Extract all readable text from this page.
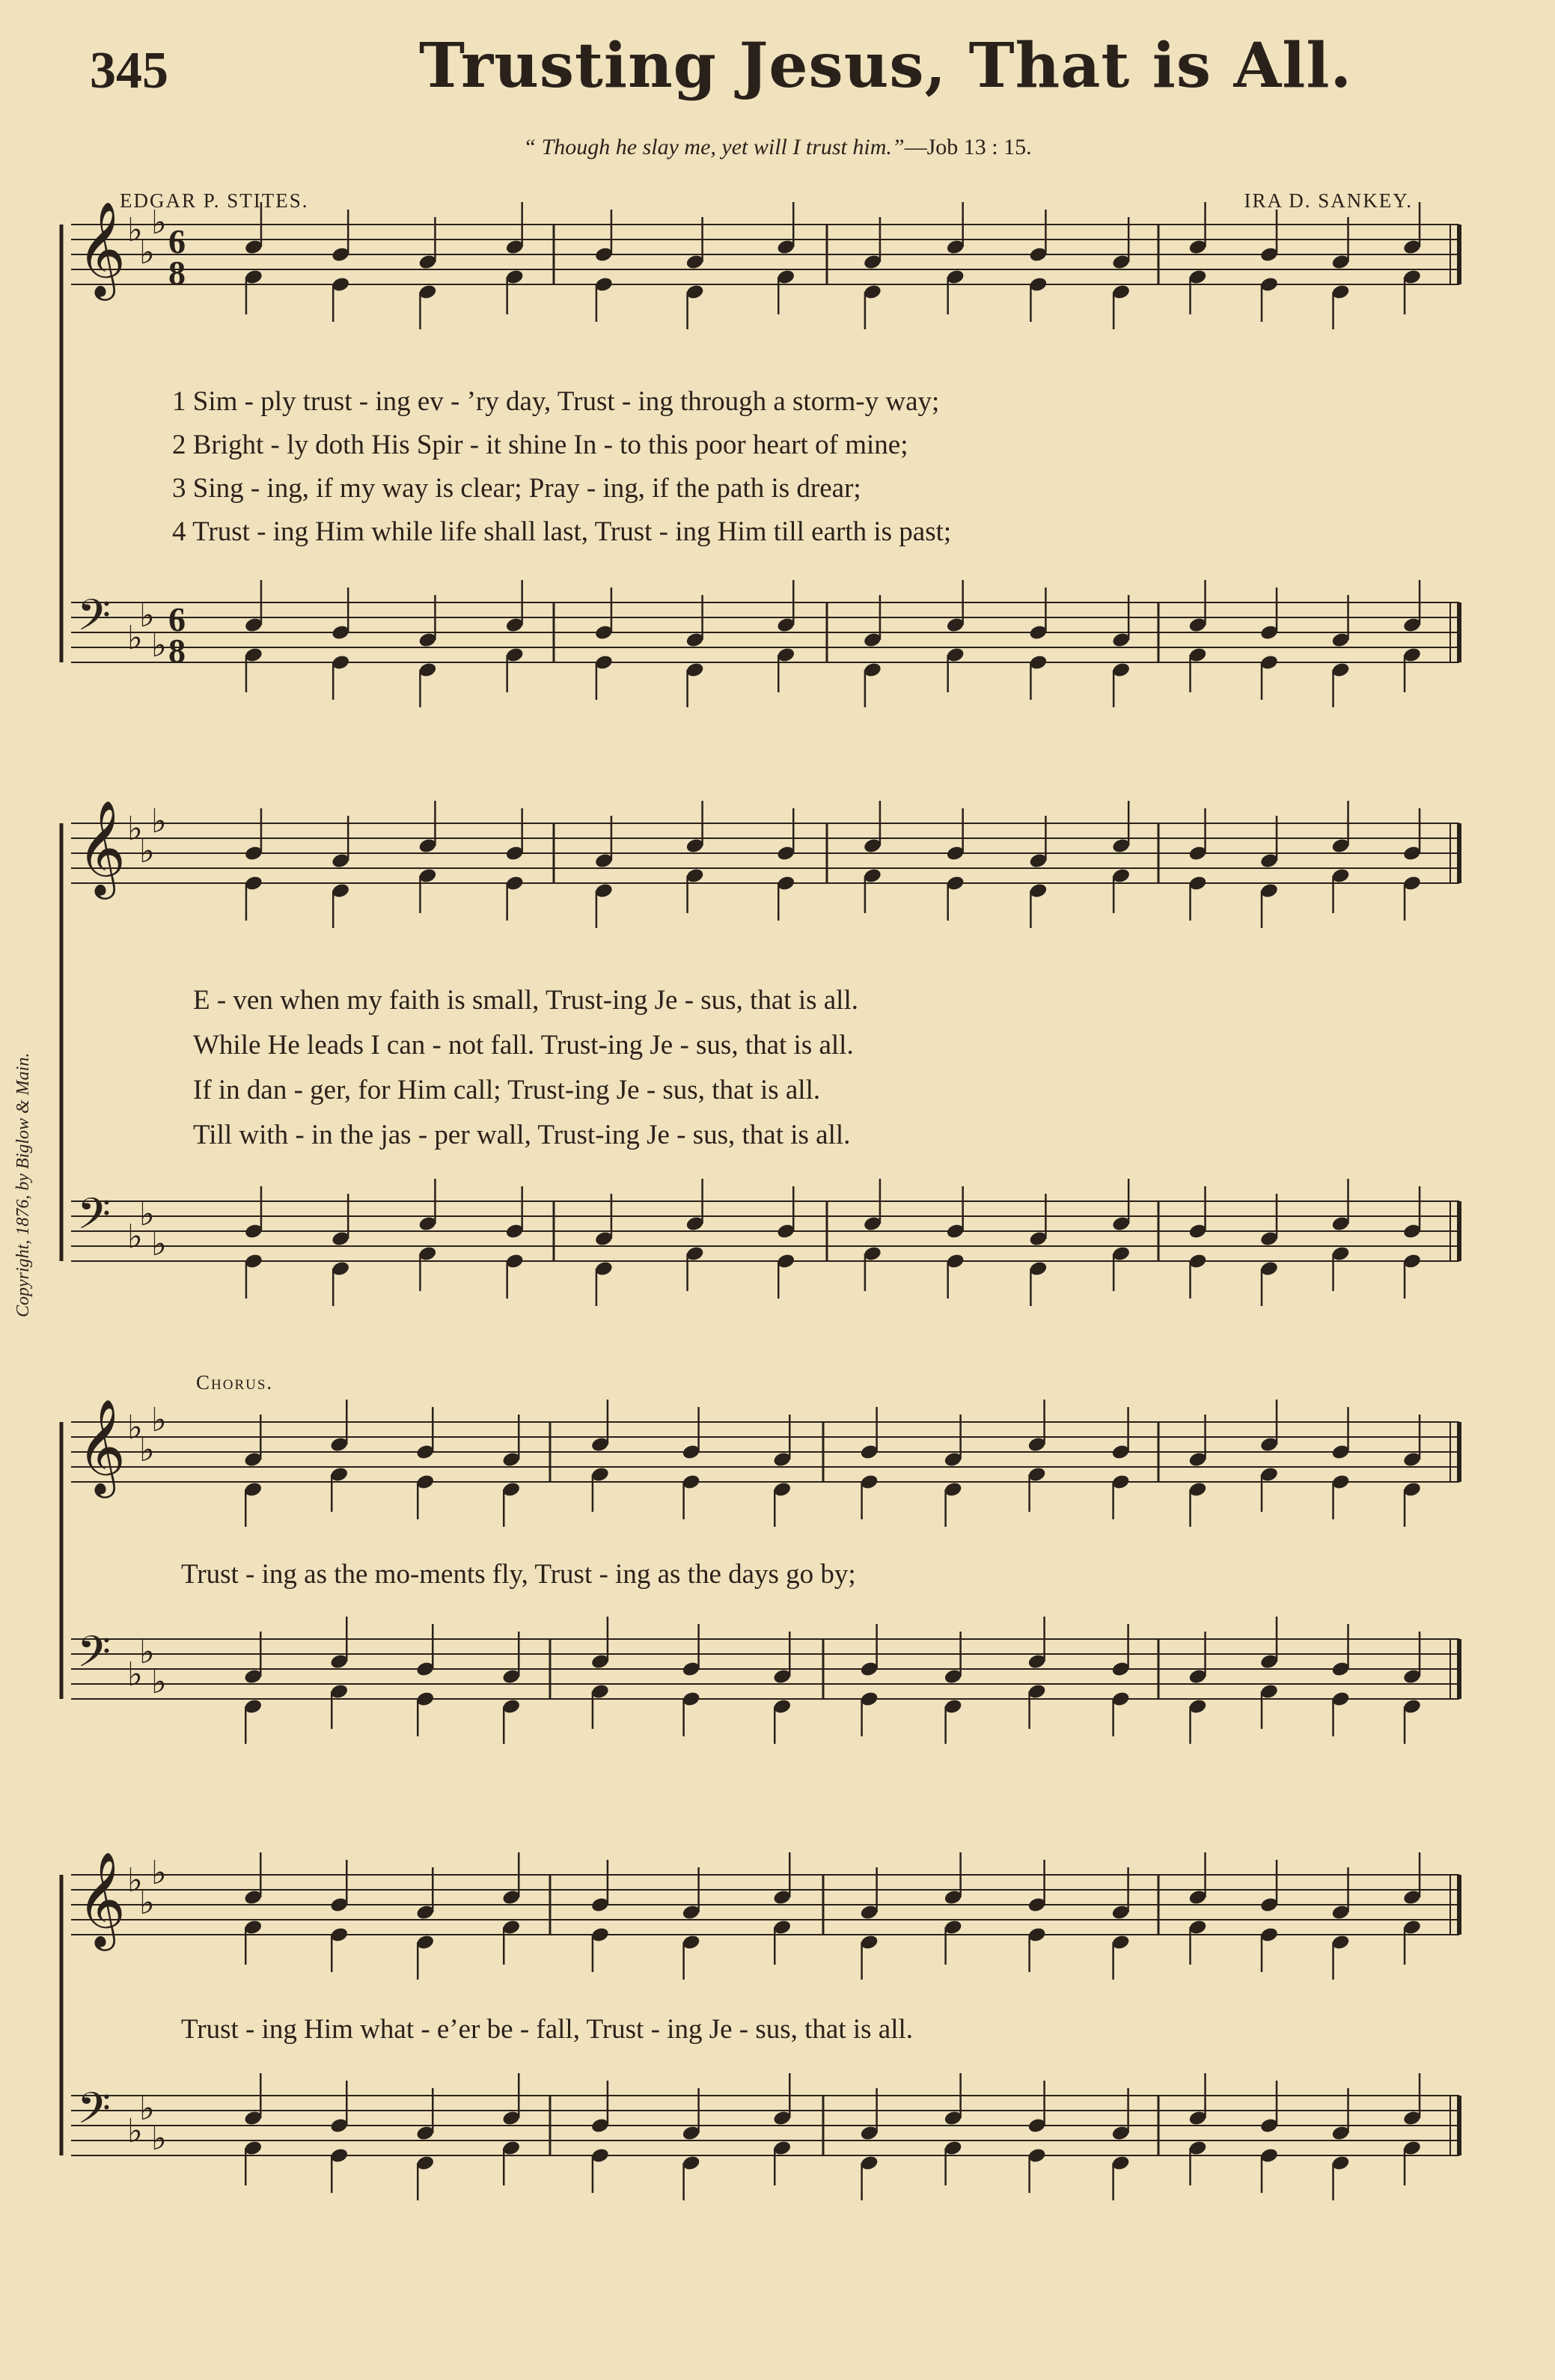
345	Trusting Jesus, That is All.
“ Though he slay me, yet will I trust him.”—Job 13 : 15.
EDGAR P. STITES.	IRA D. SANKEY.
Copyright, 1876, by Biglow & Main.
Chorus.
1 Sim - ply trust - ing ev - ’ry day, Trust - ing through a storm-y way;
2 Bright - ly doth His Spir - it shine In - to this poor heart of mine;
3 Sing - ing, if my way is clear; Pray - ing, if the path is drear;
4 Trust - ing Him while life shall last, Trust - ing Him till earth is past;
E - ven when my faith is small, Trust-ing Je - sus, that is all.
While He leads I can - not fall. Trust-ing Je - sus, that is all.
If in dan - ger, for Him call; Trust-ing Je - sus, that is all.
Till with - in the jas - per wall, Trust-ing Je - sus, that is all.
Trust - ing as the mo-ments fly, Trust - ing as the days go by;
Trust - ing Him what - e’er be - fall, Trust - ing Je - sus, that is all.
𝄞 ♭
♭
♭ 6
8
𝄢 ♭
♭
♭
6
8
𝄞 ♭
♭
♭
𝄢 ♭
♭
♭
𝄞 ♭
♭
♭
𝄢 ♭
♭
♭
𝄞 ♭
♭
♭
𝄢 ♭
♭
♭
